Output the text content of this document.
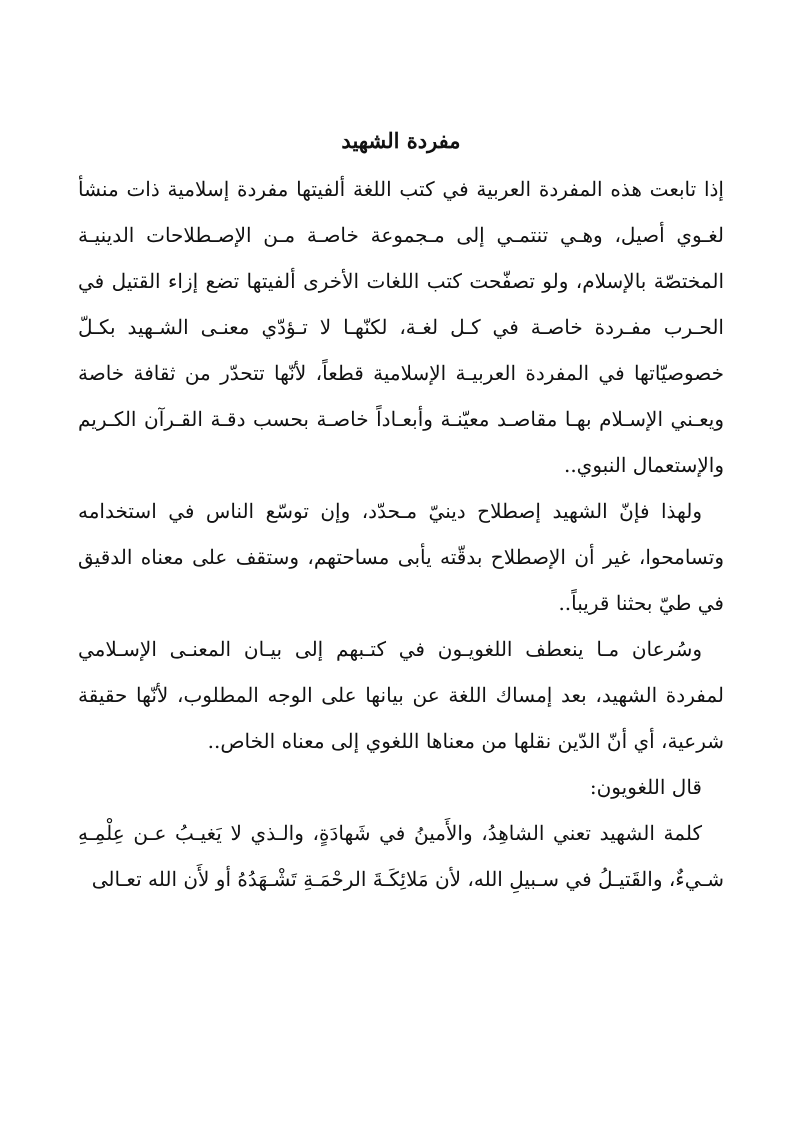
مفردة الشهيد

إذا تابعت هذه المفردة العربية في كتب اللغة ألفيتها مفردة إسلامية ذات منشأ لغـوي أصيل، وهـي تنتمـي إلى مـجموعة خاصـة مـن الإصـطلاحات الدينيـة المختصّة بالإسلام، ولو تصفّحت كتب اللغات الأخرى ألفيتها تضع إزاء القتيل في الحـرب مفـردة خاصـة في كـل لغـة، لكنّهـا لا تـؤدّي معنـى الشـهيد بكـلّ خصوصيّاتها في المفردة العربيـة الإسلامية قطعاً، لأنّها تتحدّر من ثقافة خاصة ويعـني الإسـلام بهـا مقاصـد معيّنـة وأبعـاداً خاصـة بحسب دقـة القـرآن الكـريم والإستعمال النبوي..

ولهذا فإنّ الشهيد إصطلاح دينيّ مـحدّد، وإن توسّع الناس في استخدامه وتسامحوا، غير أن الإصطلاح بدقّته يأبى مساحتهم، وستقف على معناه الدقيق في طيّ بحثنا قريباً..

وسُرعان مـا ينعطف اللغويـون في كتـبهم إلى بيـان المعنـى الإسـلامي لمفردة الشهيد، بعد إمساك اللغة عن بيانها على الوجه المطلوب، لأنّها حقيقة شرعية، أي أنّ الدّين نقلها من معناها اللغوي إلى معناه الخاص..

قال اللغويون:

كلمة الشهيد تعني الشاهِدُ، والأَمينُ في شَهادَةٍ، والـذي لا يَغيـبُ عـن عِلْمِـهِ شـيءٌ، والقَتيـلُ في سـبيلِ الله، لأن مَلائِكَـةَ الرحْمَـةِ تَشْـهَدُهُ أو لأَن الله تعـالى
